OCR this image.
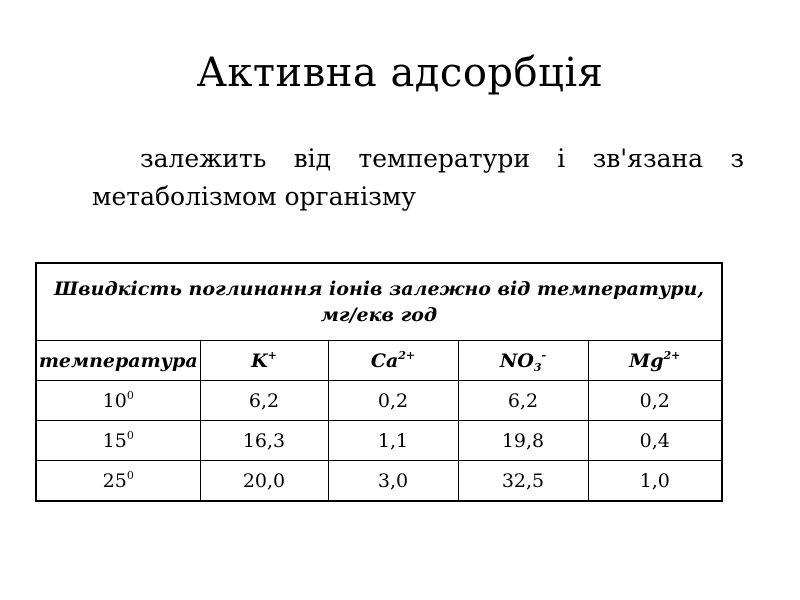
Активна адсорбція
залежить від температури і зв'язана з
метаболізмом організму
Швидкість поглинання іонів залежно від температури,
мг/екв год				
температура	K+	$Ca^{2+}$	$NO_3^-$	$Mg^{2+}$
$10^0$	6,2	0,2	6,2	0,2
$15^0$	16,3	1,1	19,8	0,4
$25^0$	20,0	3,0	32,5	1,0
